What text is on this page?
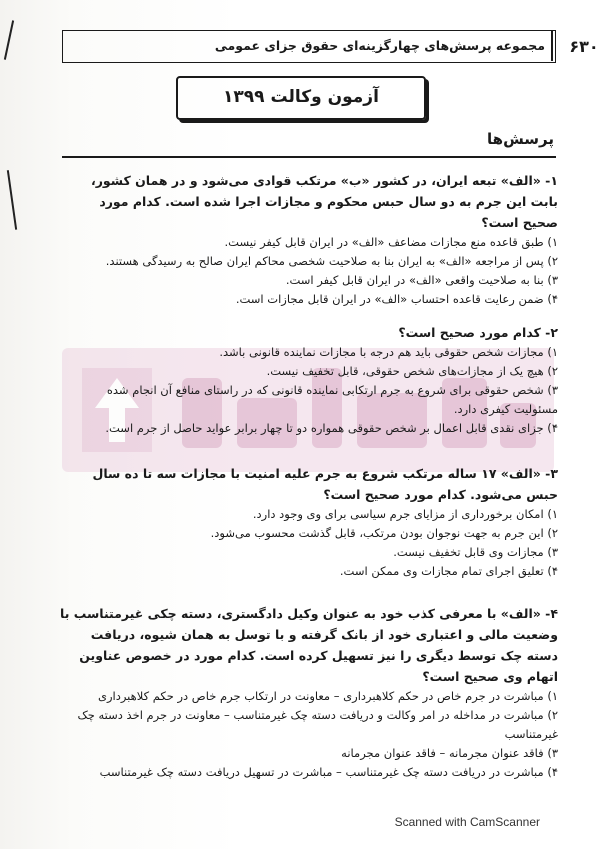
۶۳۰
مجموعه پرسش‌های چهارگزینه‌ای حقوق جزای عمومی
آزمون وکالت ۱۳۹۹
پرسش‌ها
۱- «الف» تبعه ایران، در کشور «ب» مرتکب قوادی می‌شود و در همان کشور، بابت این جرم به دو سال حبس محکوم و مجازات اجرا شده است. کدام مورد صحیح است؟
۱) طبق قاعده منع مجازات مضاعف «الف» در ایران قابل کیفر نیست.
۲) پس از مراجعه «الف» به ایران بنا به صلاحیت شخصی محاکم ایران صالح به رسیدگی هستند.
۳) بنا به صلاحیت واقعی «الف» در ایران قابل کیفر است.
۴) ضمن رعایت قاعده احتساب «الف» در ایران قابل مجازات است.
۲- کدام مورد صحیح است؟
۱) مجازات شخص حقوقی باید هم درجه با مجازات نماینده قانونی باشد.
۲) هیچ یک از مجازات‌های شخص حقوقی، قابل تخفیف نیست.
۳) شخص حقوقی برای شروع به جرم ارتکابی نماینده قانونی که در راستای منافع آن انجام شده مسئولیت کیفری دارد.
۴) جزای نقدی قابل اعمال بر شخص حقوقی همواره دو تا چهار برابر عواید حاصل از جرم است.
۳- «الف» ۱۷ ساله مرتکب شروع به جرم علیه امنیت با مجازات سه تا ده سال حبس می‌شود. کدام مورد صحیح است؟
۱) امکان برخورداری از مزایای جرم سیاسی برای وی وجود دارد.
۲) این جرم به جهت نوجوان بودن مرتکب، قابل گذشت محسوب می‌شود.
۳) مجازات وی قابل تخفیف نیست.
۴) تعلیق اجرای تمام مجازات وی ممکن است.
۴- «الف» با معرفی کذب خود به عنوان وکیل دادگستری، دسته چکی غیرمتناسب با وضعیت مالی و اعتباری خود از بانک گرفته و با توسل به همان شیوه، دریافت دسته چک توسط دیگری را نیز تسهیل کرده است. کدام مورد در خصوص عناوین اتهام وی صحیح است؟
۱) مباشرت در جرم خاص در حکم کلاهبرداری – معاونت در ارتکاب جرم خاص در حکم کلاهبرداری
۲) مباشرت در مداخله در امر وکالت و دریافت دسته چک غیرمتناسب – معاونت در جرم اخذ دسته چک غیرمتناسب
۳) فاقد عنوان مجرمانه – فاقد عنوان مجرمانه
۴) مباشرت در دریافت دسته چک غیرمتناسب – مباشرت در تسهیل دریافت دسته چک غیرمتناسب
Scanned with CamScanner
